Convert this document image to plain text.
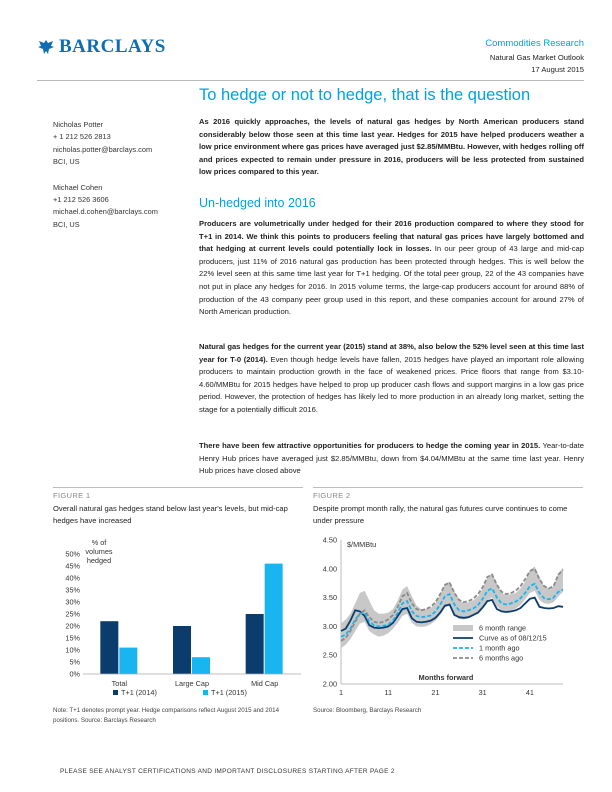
BARCLAYS	Commodities Research
Natural Gas Market Outlook
17 August 2015
To hedge or not to hedge, that is the question
Nicholas Potter
+ 1 212 526 2813
nicholas.potter@barclays.com
BCI, US
Michael Cohen
+1 212 526 3606
michael.d.cohen@barclays.com
BCI, US
As 2016 quickly approaches, the levels of natural gas hedges by North American producers stand considerably below those seen at this time last year. Hedges for 2015 have helped producers weather a low price environment where gas prices have averaged just $2.85/MMBtu. However, with hedges rolling off and prices expected to remain under pressure in 2016, producers will be less protected from sustained low prices compared to this year.
Un-hedged into 2016
Producers are volumetrically under hedged for their 2016 production compared to where they stood for T+1 in 2014. We think this points to producers feeling that natural gas prices have largely bottomed and that hedging at current levels could potentially lock in losses. In our peer group of 43 large and mid-cap producers, just 11% of 2016 natural gas production has been protected through hedges. This is well below the 22% level seen at this same time last year for T+1 hedging. Of the total peer group, 22 of the 43 companies have not put in place any hedges for 2016. In 2015 volume terms, the large-cap producers account for around 88% of production of the 43 company peer group used in this report, and these companies account for around 27% of North American production.
Natural gas hedges for the current year (2015) stand at 38%, also below the 52% level seen at this time last year for T-0 (2014). Even though hedge levels have fallen, 2015 hedges have played an important role allowing producers to maintain production growth in the face of weakened prices. Price floors that range from $3.10-4.60/MMBtu for 2015 hedges have helped to prop up producer cash flows and support margins in a low gas price period. However, the protection of hedges has likely led to more production in an already long market, setting the stage for a potentially difficult 2016.
There have been few attractive opportunities for producers to hedge the coming year in 2015. Year-to-date Henry Hub prices have averaged just $2.85/MMBtu, down from $4.04/MMBtu at the same time last year. Henry Hub prices have closed above
FIGURE 1
Overall natural gas hedges stand below last year's levels, but mid-cap hedges have increased
0%
5%
10%
15%
20%
25%
30%
35%
40%
45%
50%
% of
volumes
hedged
Total	Large Cap	Mid Cap
T+1 (2014)	T+1 (2015)
Note: T+1 denotes prompt year. Hedge comparisons reflect August 2015 and 2014 positions. Source: Barclays Research
FIGURE 2
Despite prompt month rally, the natural gas futures curve continues to come under pressure
2.00
2.50
3.00
3.50
4.00
4.50
1	11	21	31	41
$/MMBtu
Months forward
6 month range
Curve as of 08/12/15
1 month ago
6 months ago
Source: Bloomberg, Barclays Research
PLEASE SEE ANALYST CERTIFICATIONS AND IMPORTANT DISCLOSURES STARTING AFTER PAGE 2
